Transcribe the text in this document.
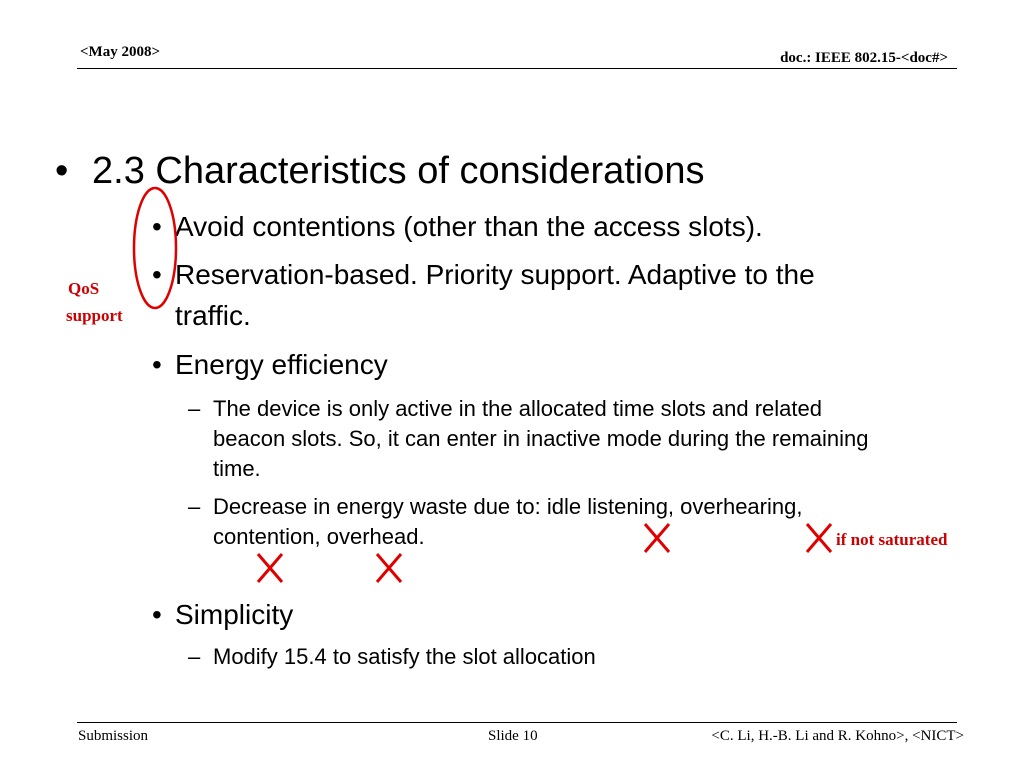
<May 2008>	doc.: IEEE 802.15-<doc#>
• 2.3 Characteristics of considerations
• Avoid contentions (other than the access slots).
• Reservation-based. Priority support. Adaptive to the
traffic.
• Energy efficiency
– The device is only active in the allocated time slots and related
beacon slots. So, it can enter in inactive mode during the remaining
time.
– Decrease in energy waste due to: idle listening, overhearing,
contention, overhead.
• Simplicity
– Modify 15.4 to satisfy the slot allocation
QoS
support
if not saturated
Submission	Slide 10	<C. Li, H.-B. Li and R. Kohno>, <NICT>
